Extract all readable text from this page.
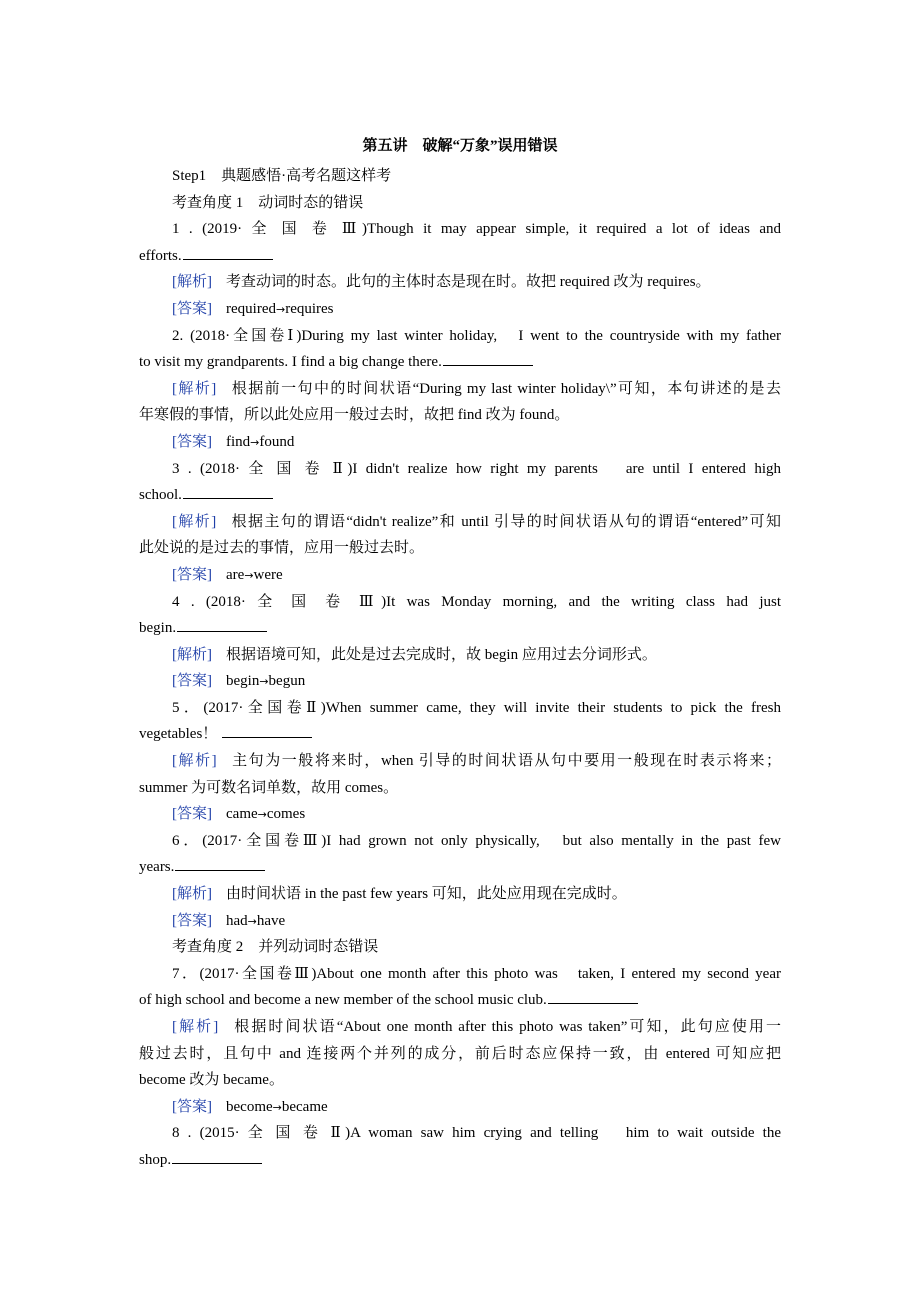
第五讲　破解“万象”误用错误
Step1　典题感悟·高考名题这样考
考查角度 1　动词时态的错误
1 . (2019· 全 国 卷 Ⅲ)Though it may appear simple, it required a lot of ideas and
efforts.
[解析] 考查动词的时态。此句的主体时态是现在时。故把 required 改为 requires。
[答案] required→requires
2. (2018·全国卷Ⅰ)During my last winter holiday,　I went to the countryside with my father
to visit my grandparents. I find a big change there.
[解析] 根据前一句中的时间状语“During my last winter holiday\”可知，本句讲述的是去
年寒假的事情，所以此处应用一般过去时，故把 find 改为 found。
[答案] find→found
3 . (2018· 全 国 卷 Ⅱ)I didn't realize how right my parents 　are until I entered high
school.
[解析] 根据主句的谓语“didn't realize”和 until 引导的时间状语从句的谓语“entered”可知
此处说的是过去的事情，应用一般过去时。
[答案] are→were
4 . (2018· 全 国 卷 Ⅲ)It was Monday morning, and the writing class had just
begin.
[解析] 根据语境可知，此处是过去完成时，故 begin 应用过去分词形式。
[答案] begin→begun
5．(2017·全国卷Ⅱ)When summer came, they will invite their students to pick the fresh
vegetables！
[解析] 主句为一般将来时，when 引导的时间状语从句中要用一般现在时表示将来；
summer 为可数名词单数，故用 comes。
[答案] came→comes
6．(2017·全国卷Ⅲ)I had grown not only physically,　but also mentally in the past few
years.
[解析] 由时间状语 in the past few years 可知，此处应用现在完成时。
[答案] had→have
考查角度 2　并列动词时态错误
7．(2017·全国卷Ⅲ)About one month after this photo was　taken, I entered my second year
of high school and become a new member of the school music club.
[解析] 根据时间状语“About one month after this photo was taken”可知，此句应使用一
般过去时，且句中 and 连接两个并列的成分，前后时态应保持一致，由 entered 可知应把
become 改为 became。
[答案] become→became
8 . (2015· 全 国 卷 Ⅱ)A woman saw him crying and telling 　him to wait outside the
shop.
